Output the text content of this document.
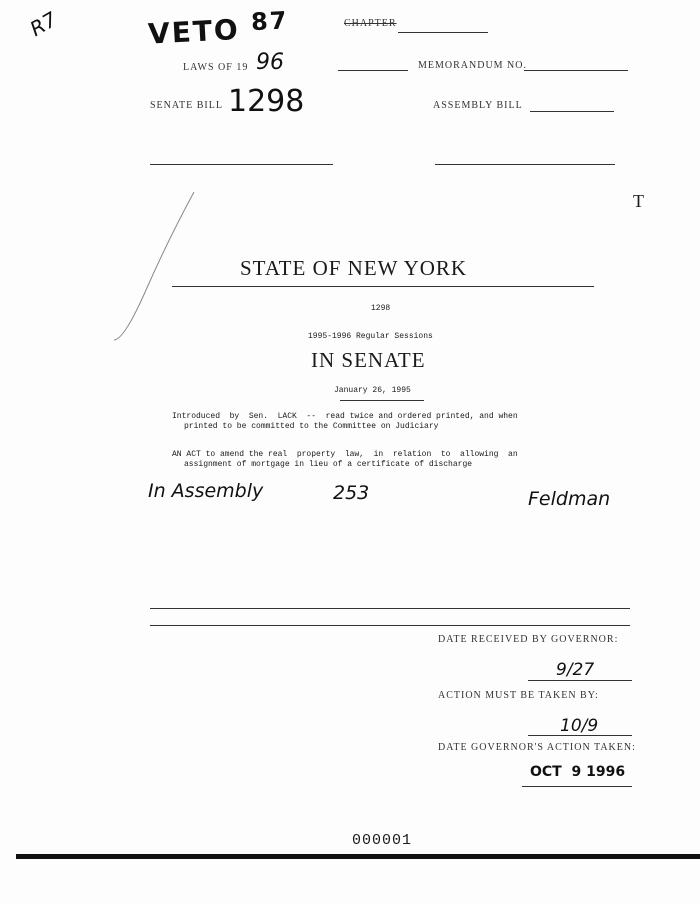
R7	VETO 87	CHAPTER
LAWS OF 19 96	MEMORANDUM NO.
SENATE BILL 1298	ASSEMBLY BILL
T
STATE OF NEW YORK
1298
1995-1996 Regular Sessions
IN SENATE
January 26, 1995
Introduced  by  Sen.  LACK  --  read twice and ordered printed, and when
printed to be committed to the Committee on Judiciary
AN ACT to amend the real  property  law,  in  relation  to  allowing  an
assignment of mortgage in lieu of a certificate of discharge
In Assembly	253	Feldman
DATE RECEIVED BY GOVERNOR:
9/27
ACTION MUST BE TAKEN BY:
10/9
DATE GOVERNOR'S ACTION TAKEN:
OCT  9 1996
000001
